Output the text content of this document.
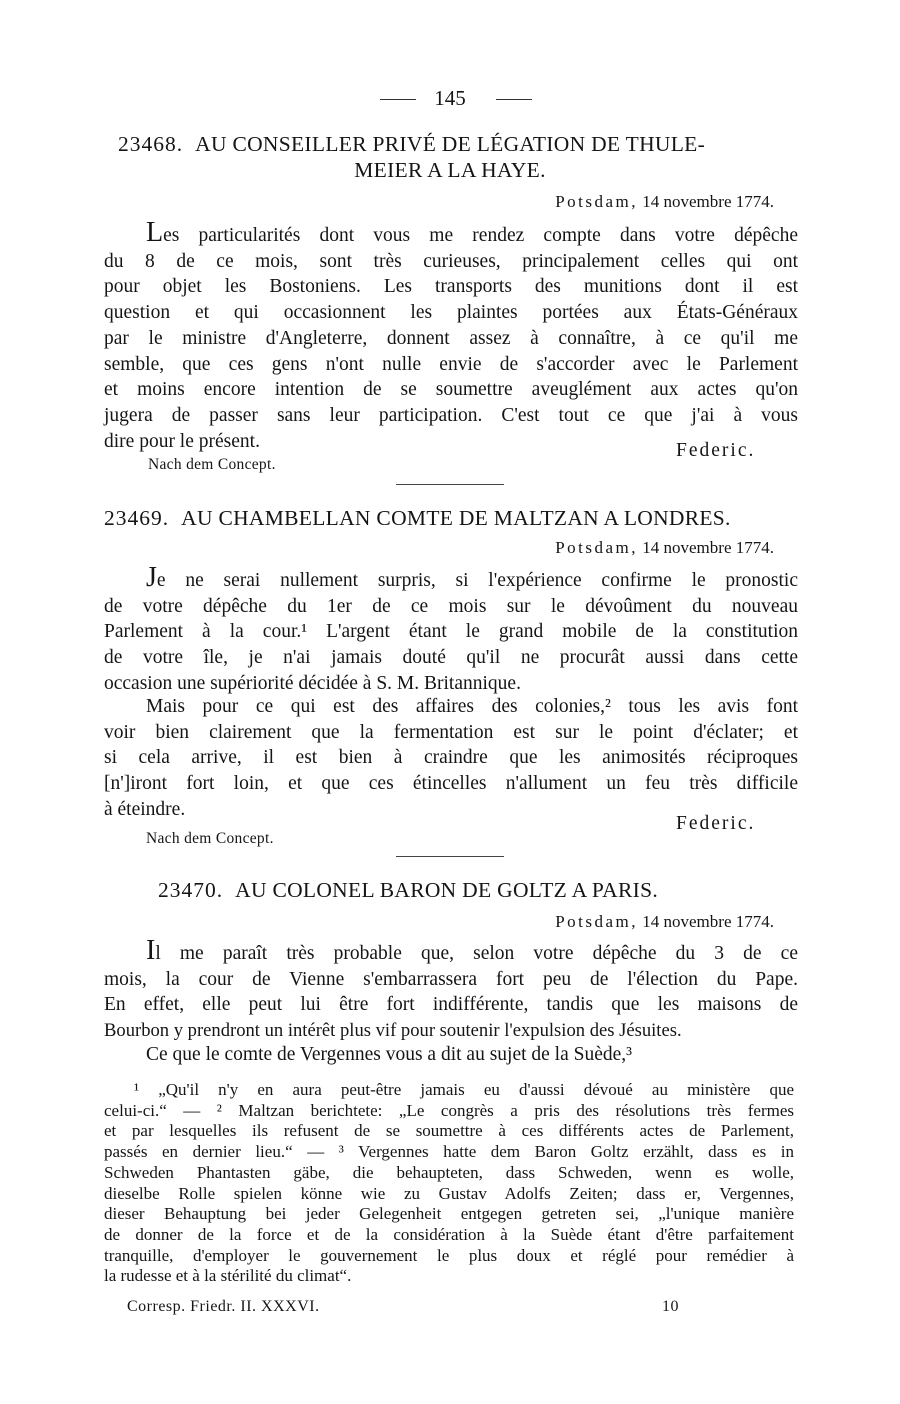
145
23468. AU CONSEILLER PRIVÉ DE LÉGATION DE THULE-
MEIER A LA HAYE.
Potsdam, 14 novembre 1774.
Les particularités dont vous me rendez compte dans votre dépêche
du 8 de ce mois, sont très curieuses, principalement celles qui ont
pour objet les Bostoniens. Les transports des munitions dont il est
question et qui occasionnent les plaintes portées aux États-Généraux
par le ministre d'Angleterre, donnent assez à connaître, à ce qu'il me
semble, que ces gens n'ont nulle envie de s'accorder avec le Parlement
et moins encore intention de se soumettre aveuglément aux actes qu'on
jugera de passer sans leur participation. C'est tout ce que j'ai à vous
dire pour le présent.	Federic.
Nach dem Concept.
23469. AU CHAMBELLAN COMTE DE MALTZAN A LONDRES.
Potsdam, 14 novembre 1774.
Je ne serai nullement surpris, si l'expérience confirme le pronostic
de votre dépêche du 1er de ce mois sur le dévoûment du nouveau
Parlement à la cour.¹ L'argent étant le grand mobile de la constitution
de votre île, je n'ai jamais douté qu'il ne procurât aussi dans cette
occasion une supériorité décidée à S. M. Britannique.
Mais pour ce qui est des affaires des colonies,² tous les avis font
voir bien clairement que la fermentation est sur le point d'éclater; et
si cela arrive, il est bien à craindre que les animosités réciproques
[n']iront fort loin, et que ces étincelles n'allument un feu très difficile
à éteindre.
Federic.
Nach dem Concept.
23470. AU COLONEL BARON DE GOLTZ A PARIS.
Potsdam, 14 novembre 1774.
Il me paraît très probable que, selon votre dépêche du 3 de ce
mois, la cour de Vienne s'embarrassera fort peu de l'élection du Pape.
En effet, elle peut lui être fort indifférente, tandis que les maisons de
Bourbon y prendront un intérêt plus vif pour soutenir l'expulsion des Jésuites.
Ce que le comte de Vergennes vous a dit au sujet de la Suède,³
¹ „Qu'il n'y en aura peut-être jamais eu d'aussi dévoué au ministère que
celui-ci.“ — ² Maltzan berichtete: „Le congrès a pris des résolutions très fermes
et par lesquelles ils refusent de se soumettre à ces différents actes de Parlement,
passés en dernier lieu.“ — ³ Vergennes hatte dem Baron Goltz erzählt, dass es in
Schweden Phantasten gäbe, die behaupteten, dass Schweden, wenn es wolle,
dieselbe Rolle spielen könne wie zu Gustav Adolfs Zeiten; dass er, Vergennes,
dieser Behauptung bei jeder Gelegenheit entgegen getreten sei, „l'unique manière
de donner de la force et de la considération à la Suède étant d'être parfaitement
tranquille, d'employer le gouvernement le plus doux et réglé pour remédier à
la rudesse et à la stérilité du climat“.
Corresp. Friedr. II. XXXVI.	10
